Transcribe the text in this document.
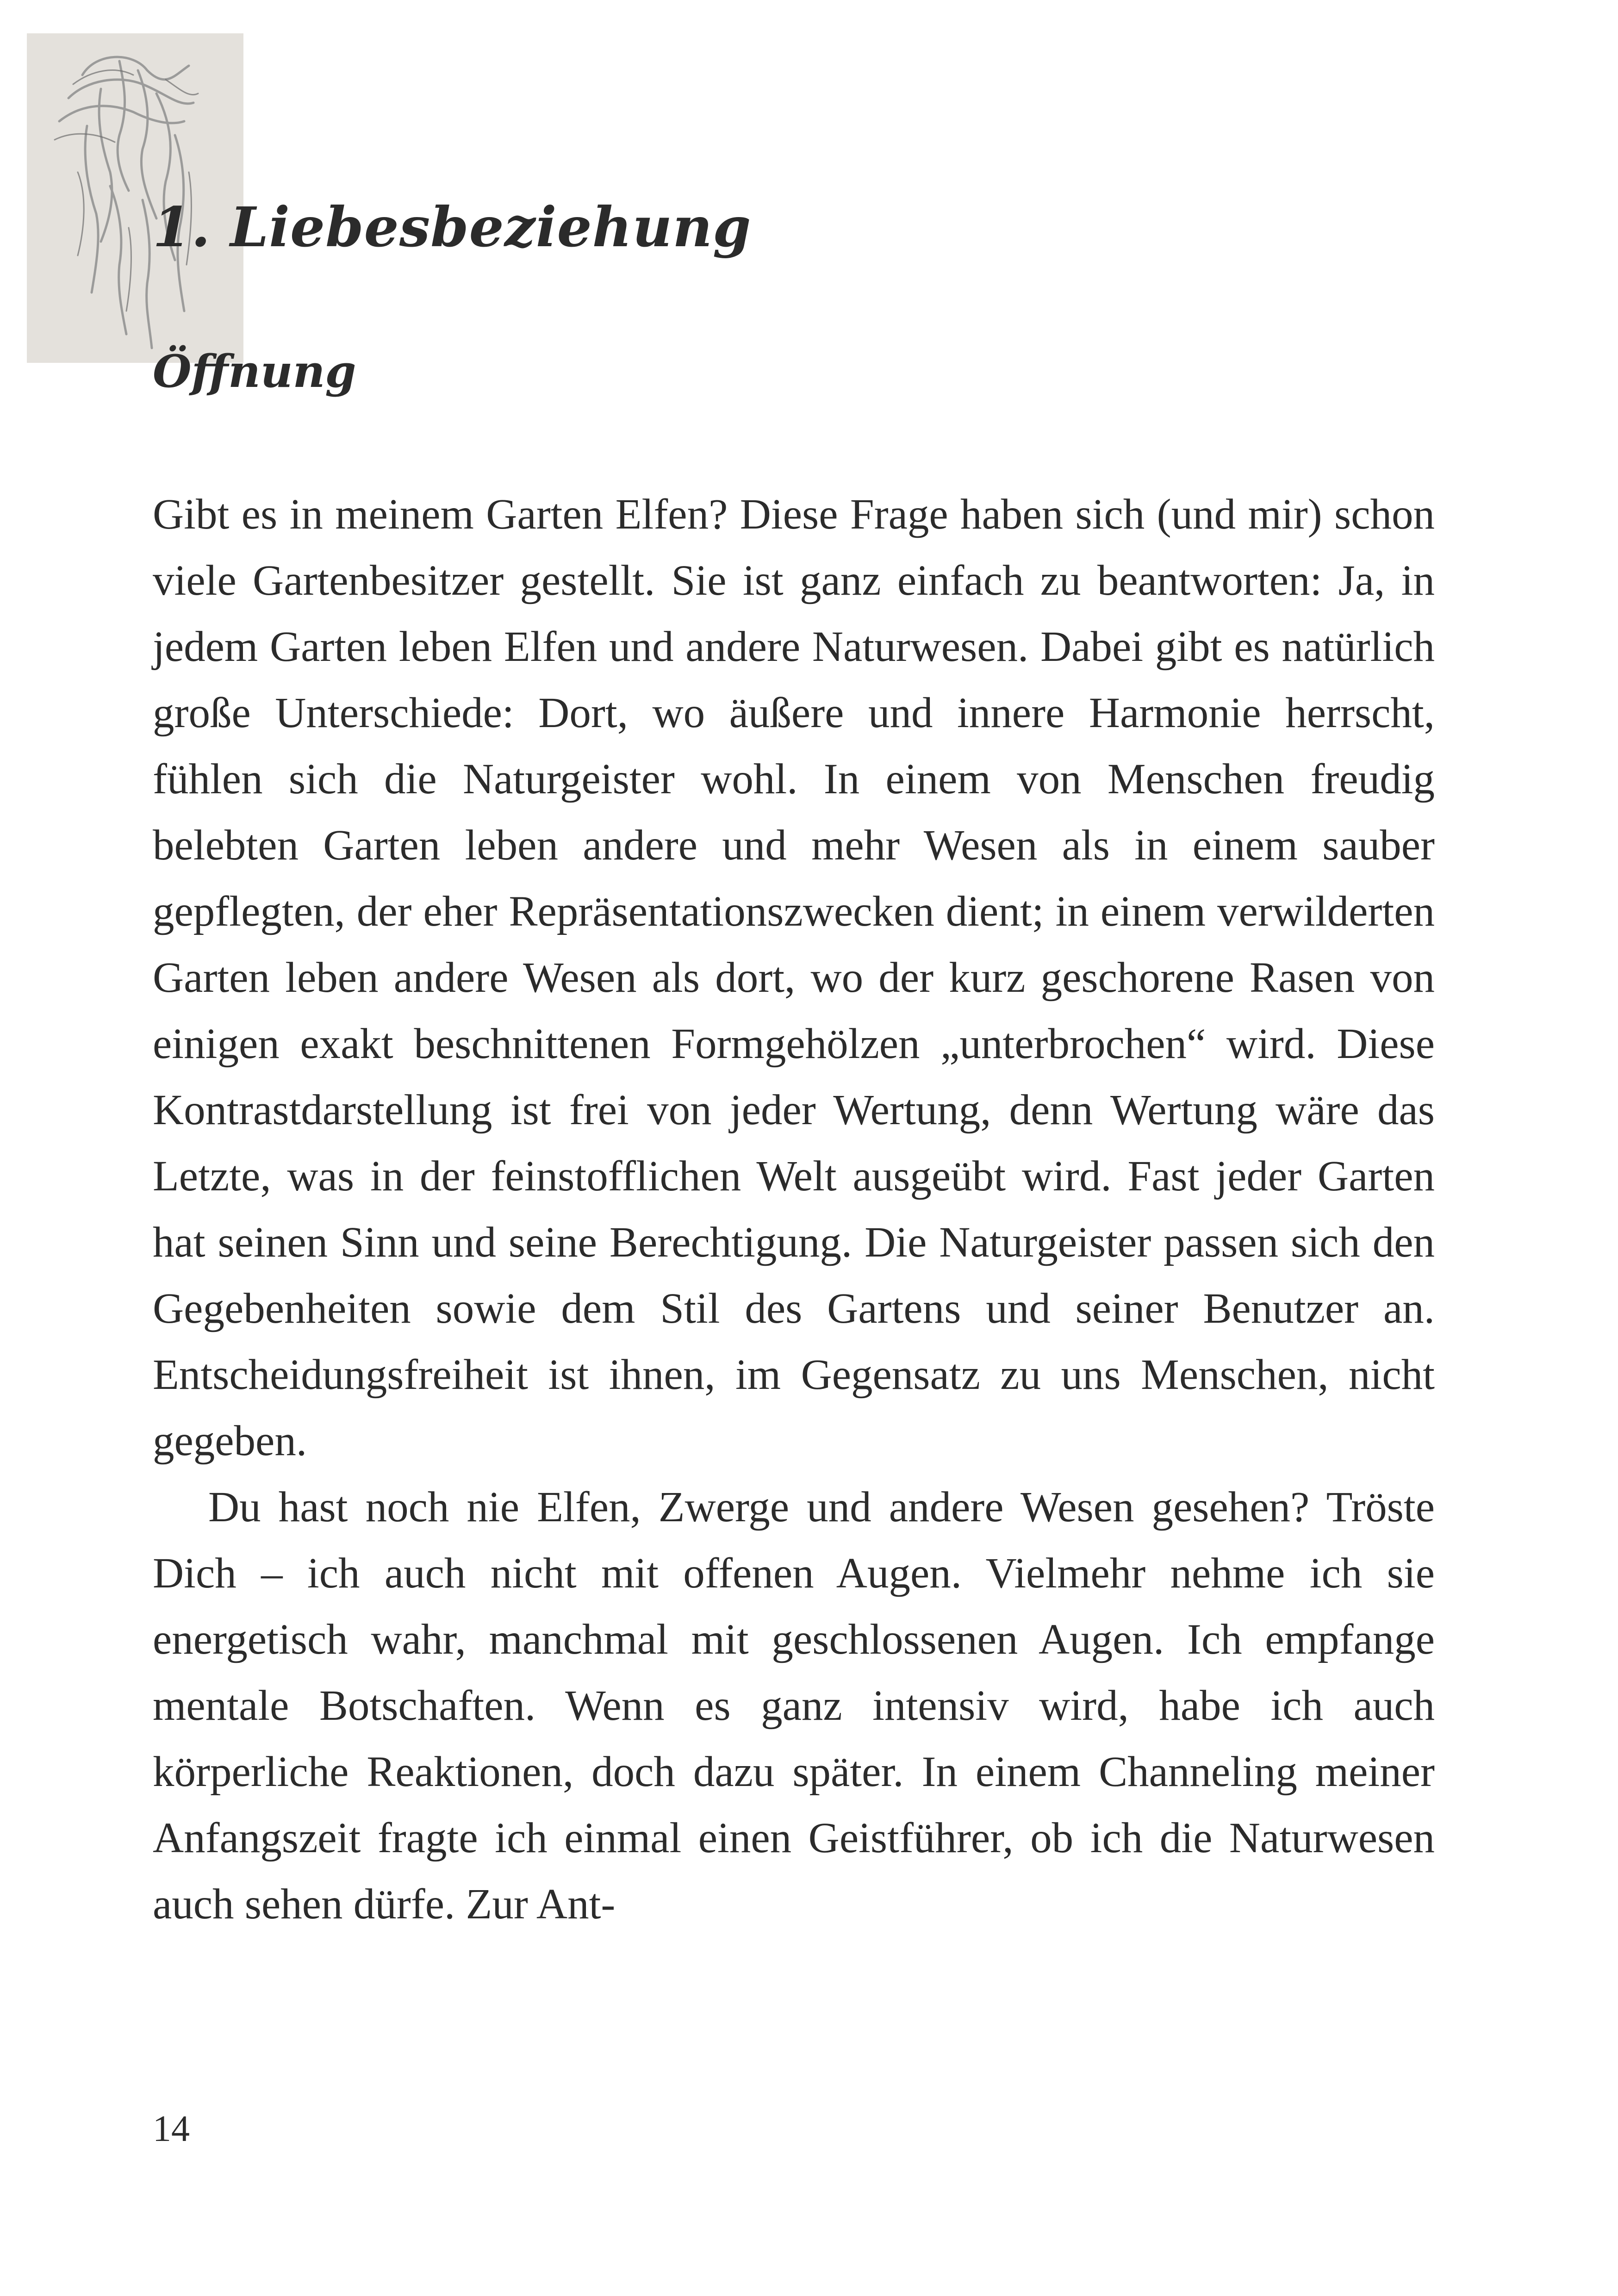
1. Liebesbeziehung
Öffnung

Gibt es in meinem Garten Elfen? Diese Frage haben sich (und mir) schon viele Gartenbesitzer gestellt. Sie ist ganz einfach zu beantworten: Ja, in jedem Garten leben Elfen und andere Naturwesen. Dabei gibt es natürlich große Unterschiede: Dort, wo äußere und innere Harmonie herrscht, fühlen sich die Naturgeister wohl. In einem von Menschen freudig belebten Garten leben andere und mehr Wesen als in einem sauber gepflegten, der eher Repräsentationszwecken dient; in einem verwilderten Garten leben andere Wesen als dort, wo der kurz geschorene Rasen von einigen exakt beschnittenen Formgehölzen „unterbrochen“ wird. Diese Kontrastdarstellung ist frei von jeder Wertung, denn Wertung wäre das Letzte, was in der feinstofflichen Welt ausgeübt wird. Fast jeder Garten hat seinen Sinn und seine Berechtigung. Die Naturgeister passen sich den Gegebenheiten sowie dem Stil des Gartens und seiner Benutzer an. Entscheidungsfreiheit ist ihnen, im Gegensatz zu uns Menschen, nicht gegeben.

Du hast noch nie Elfen, Zwerge und andere Wesen gesehen? Tröste Dich – ich auch nicht mit offenen Augen. Vielmehr nehme ich sie energetisch wahr, manchmal mit geschlossenen Augen. Ich empfange mentale Botschaften. Wenn es ganz intensiv wird, habe ich auch körperliche Reaktionen, doch dazu später. In einem Channeling meiner Anfangszeit fragte ich einmal einen Geistführer, ob ich die Naturwesen auch sehen dürfe. Zur Ant-

14
